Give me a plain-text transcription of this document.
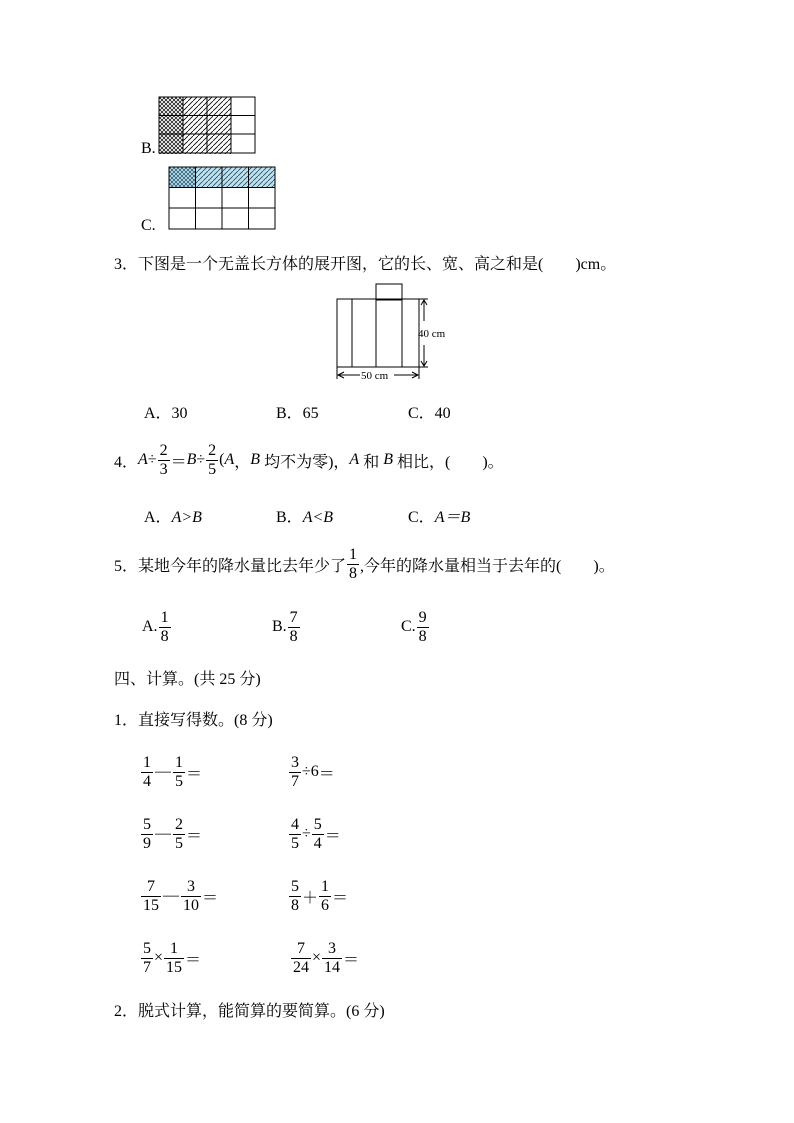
B.
C.
3．下图是一个无盖长方体的展开图，它的长、宽、高之和是(　　)cm。
40 cm
50 cm
A．30	B．65	C．40
4． $A \div \frac{2}{3} = B \div \frac{2}{5}$ ( A ， B 均不为零)， A 和 B 相比，(　　)。
A．A>B	B．A<B	C．A＝B
5． 某地今年的降水量比去年少了 $\frac{1}{8}$ ,今年的降水量相当于去年的(　　)。
A. $\frac{1}{8}$	B. $\frac{7}{8}$	C. $\frac{9}{8}$
四、计算。(共 25 分)
1．直接写得数。(8 分)
$\frac{1}{4}$ — $\frac{1}{5}$ ＝	$\frac{3}{7} \div 6$ ＝
$\frac{5}{9}$ — $\frac{2}{5}$ ＝	$\frac{4}{5} \div \frac{5}{4}$ ＝
$\frac{7}{15}$ — $\frac{3}{10}$ ＝	$\frac{5}{8} + \frac{1}{6}$ ＝
$\frac{5}{7} \times \frac{1}{15}$ ＝	$\frac{7}{24} \times \frac{3}{14}$ ＝
2．脱式计算，能简算的要简算。(6 分)
